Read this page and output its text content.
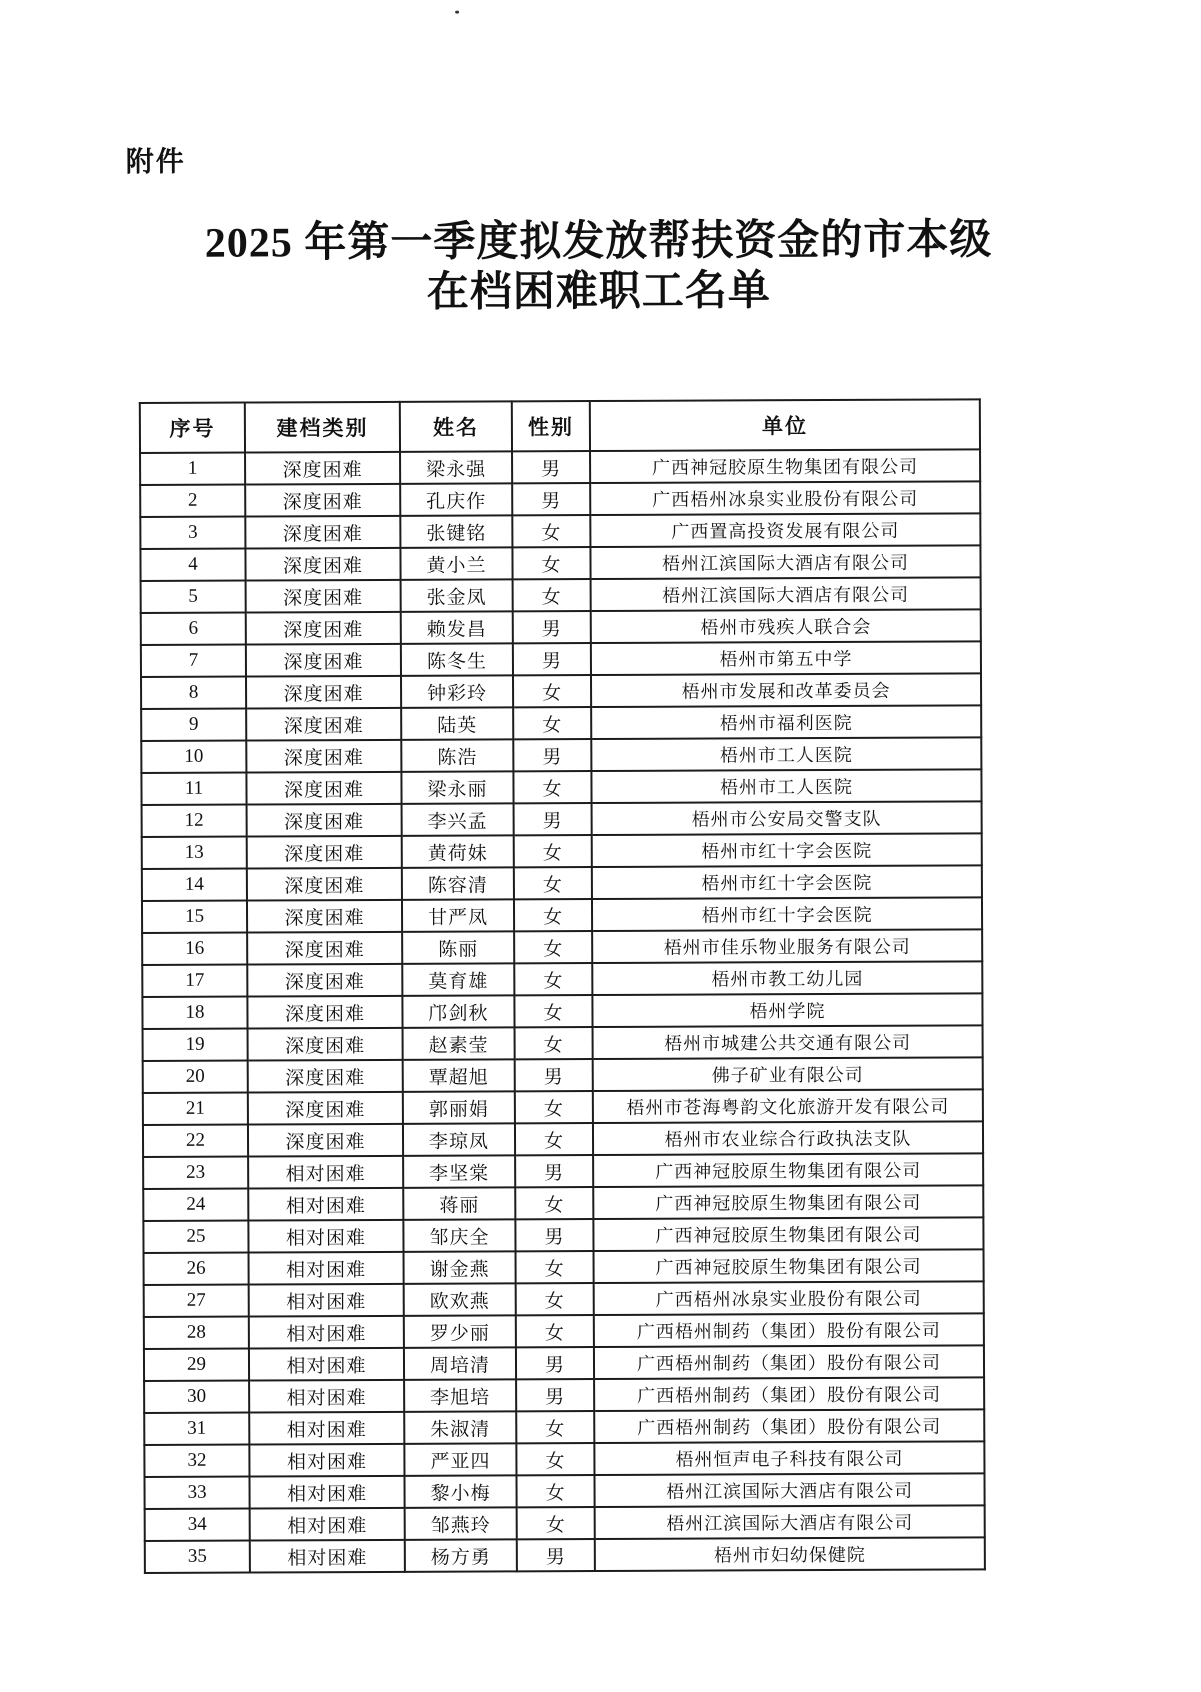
附件
2025 年第一季度拟发放帮扶资金的市本级
在档困难职工名单
序号	建档类别	姓名	性别	单位
1	深度困难	梁永强	男	广西神冠胶原生物集团有限公司
2	深度困难	孔庆作	男	广西梧州冰泉实业股份有限公司
3	深度困难	张键铭	女	广西置高投资发展有限公司
4	深度困难	黄小兰	女	梧州江滨国际大酒店有限公司
5	深度困难	张金凤	女	梧州江滨国际大酒店有限公司
6	深度困难	赖发昌	男	梧州市残疾人联合会
7	深度困难	陈冬生	男	梧州市第五中学
8	深度困难	钟彩玲	女	梧州市发展和改革委员会
9	深度困难	陆英	女	梧州市福利医院
10	深度困难	陈浩	男	梧州市工人医院
11	深度困难	梁永丽	女	梧州市工人医院
12	深度困难	李兴孟	男	梧州市公安局交警支队
13	深度困难	黄荷妹	女	梧州市红十字会医院
14	深度困难	陈容清	女	梧州市红十字会医院
15	深度困难	甘严凤	女	梧州市红十字会医院
16	深度困难	陈丽	女	梧州市佳乐物业服务有限公司
17	深度困难	莫育雄	女	梧州市教工幼儿园
18	深度困难	邝剑秋	女	梧州学院
19	深度困难	赵素莹	女	梧州市城建公共交通有限公司
20	深度困难	覃超旭	男	佛子矿业有限公司
21	深度困难	郭丽娟	女	梧州市苍海粤韵文化旅游开发有限公司
22	深度困难	李琼凤	女	梧州市农业综合行政执法支队
23	相对困难	李坚棠	男	广西神冠胶原生物集团有限公司
24	相对困难	蒋丽	女	广西神冠胶原生物集团有限公司
25	相对困难	邹庆全	男	广西神冠胶原生物集团有限公司
26	相对困难	谢金燕	女	广西神冠胶原生物集团有限公司
27	相对困难	欧欢燕	女	广西梧州冰泉实业股份有限公司
28	相对困难	罗少丽	女	广西梧州制药（集团）股份有限公司
29	相对困难	周培清	男	广西梧州制药（集团）股份有限公司
30	相对困难	李旭培	男	广西梧州制药（集团）股份有限公司
31	相对困难	朱淑清	女	广西梧州制药（集团）股份有限公司
32	相对困难	严亚四	女	梧州恒声电子科技有限公司
33	相对困难	黎小梅	女	梧州江滨国际大酒店有限公司
34	相对困难	邹燕玲	女	梧州江滨国际大酒店有限公司
35	相对困难	杨方勇	男	梧州市妇幼保健院
